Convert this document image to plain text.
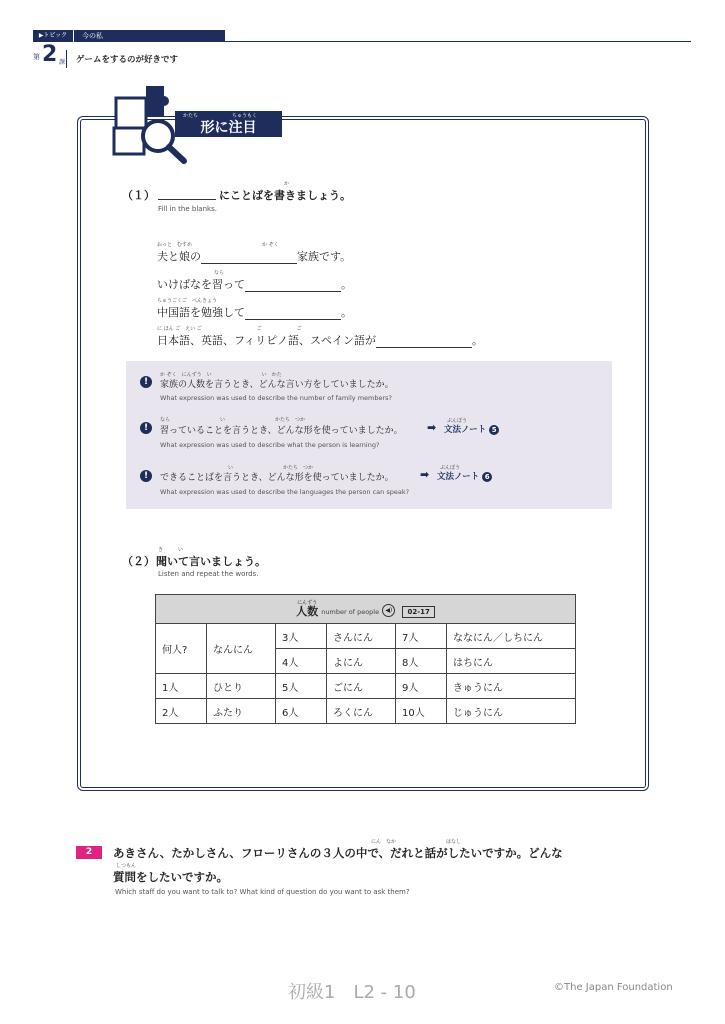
▶トピック	今の私
第 2 課 ゲームをするのが好きです
形に注目
かたち	ちゅうもく
（１）
か
にことばを書きましょう。
Fill in the blanks.
おっと　むすめ　　　　　　　　　　　　　　か ぞく
夫と娘の	家族です。
なら
いけばなを習って	。
ちゅうごくご　べんきょう
中国語を勉強して	。
に ほん ご　えい ご　　　　　　　　　　　ご　　　　　　　ご
日本語、英語、フィリピノ語、スペイン語が	。
!
か ぞく　にんずう　い　　　　　　　　　　い　かた
家族の人数を言うとき、どんな言い方をしていましたか。
What expression was used to describe the number of family members?
!
なら　　　　　　　　　　い　　　　　　　　　　かたち　つか
習っていることを言うとき、どんな形を使っていましたか。 ➡ ぶんぽう
文法ノート 5
What expression was used to describe what the person is learning?
!
い　　　　　　　　　　かたち　つか
できることばを言うとき、どんな形を使っていましたか。 ➡ ぶんぽう
文法ノート 6
What expression was used to describe the languages the person can speak?
（２）
き　　　い
聞いて言いましょう。
Listen and repeat the words.
にんずう
人数 number of people ◀) 02-17					
何人?	なんにん	3人	さんにん	7人	ななにん／しちにん
		4人	よにん	8人	はちにん
1人	ひとり	5人	ごにん	9人	きゅうにん
2人	ふたり	6人	ろくにん	10人	じゅうにん
2
にん　なか　　　　　　　　　　はなし
あきさん、たかしさん、フローリさんの３人の中で、だれと話がしたいですか。どんな
しつもん
質問をしたいですか。
Which staff do you want to talk to? What kind of question do you want to ask them?
初級1　L2 - 10	©The Japan Foundation
